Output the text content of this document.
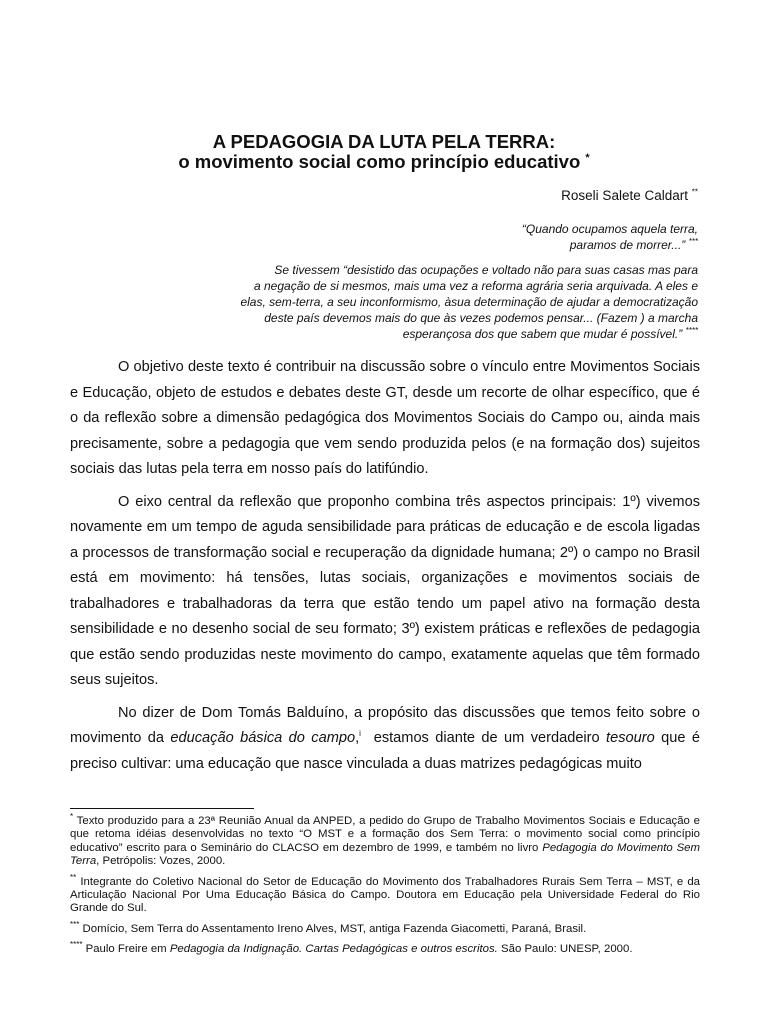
A PEDAGOGIA DA LUTA PELA TERRA:
o movimento social como princípio educativo *
Roseli Salete Caldart **
“Quando ocupamos aquela terra,
paramos de morrer...” ***
Se tivessem “desistido das ocupações e voltado não para suas casas mas para
a negação de si mesmos, mais uma vez a reforma agrária seria arquivada. A eles e
elas, sem-terra, a seu inconformismo, àsua determinação de ajudar a democratização
deste país devemos mais do que às vezes podemos pensar... (Fazem ) a marcha
esperançosa dos que sabem que mudar é possível.” ****

O objetivo deste texto é contribuir na discussão sobre o vínculo entre Movimentos Sociais e Educação, objeto de estudos e debates deste GT, desde um recorte de olhar específico, que é o da reflexão sobre a dimensão pedagógica dos Movimentos Sociais do Campo ou, ainda mais precisamente, sobre a pedagogia que vem sendo produzida pelos (e na formação dos) sujeitos sociais das lutas pela terra em nosso país do latifúndio.

O eixo central da reflexão que proponho combina três aspectos principais: 1º) vivemos novamente em um tempo de aguda sensibilidade para práticas de educação e de escola ligadas a processos de transformação social e recuperação da dignidade humana; 2º) o campo no Brasil está em movimento: há tensões, lutas sociais, organizações e movimentos sociais de trabalhadores e trabalhadoras da terra que estão tendo um papel ativo na formação desta sensibilidade e no desenho social de seu formato; 3º) existem práticas e reflexões de pedagogia que estão sendo produzidas neste movimento do campo, exatamente aquelas que têm formado seus sujeitos.

No dizer de Dom Tomás Balduíno, a propósito das discussões que temos feito sobre o movimento da educação básica do campo,$^i$  estamos diante de um verdadeiro tesouro que é preciso cultivar: uma educação que nasce vinculada a duas matrizes pedagógicas muito

* Texto produzido para a 23ª Reunião Anual da ANPED, a pedido do Grupo de Trabalho Movimentos Sociais e Educação e que retoma idéias desenvolvidas no texto “O MST e a formação dos Sem Terra: o movimento social como princípio educativo” escrito para o Seminário do CLACSO em dezembro de 1999, e também no livro Pedagogia do Movimento Sem Terra, Petrópolis: Vozes, 2000.
** Integrante do Coletivo Nacional do Setor de Educação do Movimento dos Trabalhadores Rurais Sem Terra – MST, e da Articulação Nacional Por Uma Educação Básica do Campo. Doutora em Educação pela Universidade Federal do Rio Grande do Sul.
*** Domício, Sem Terra do Assentamento Ireno Alves, MST, antiga Fazenda Giacometti, Paraná, Brasil.
**** Paulo Freire em Pedagogia da Indignação. Cartas Pedagógicas e outros escritos. São Paulo: UNESP, 2000.
